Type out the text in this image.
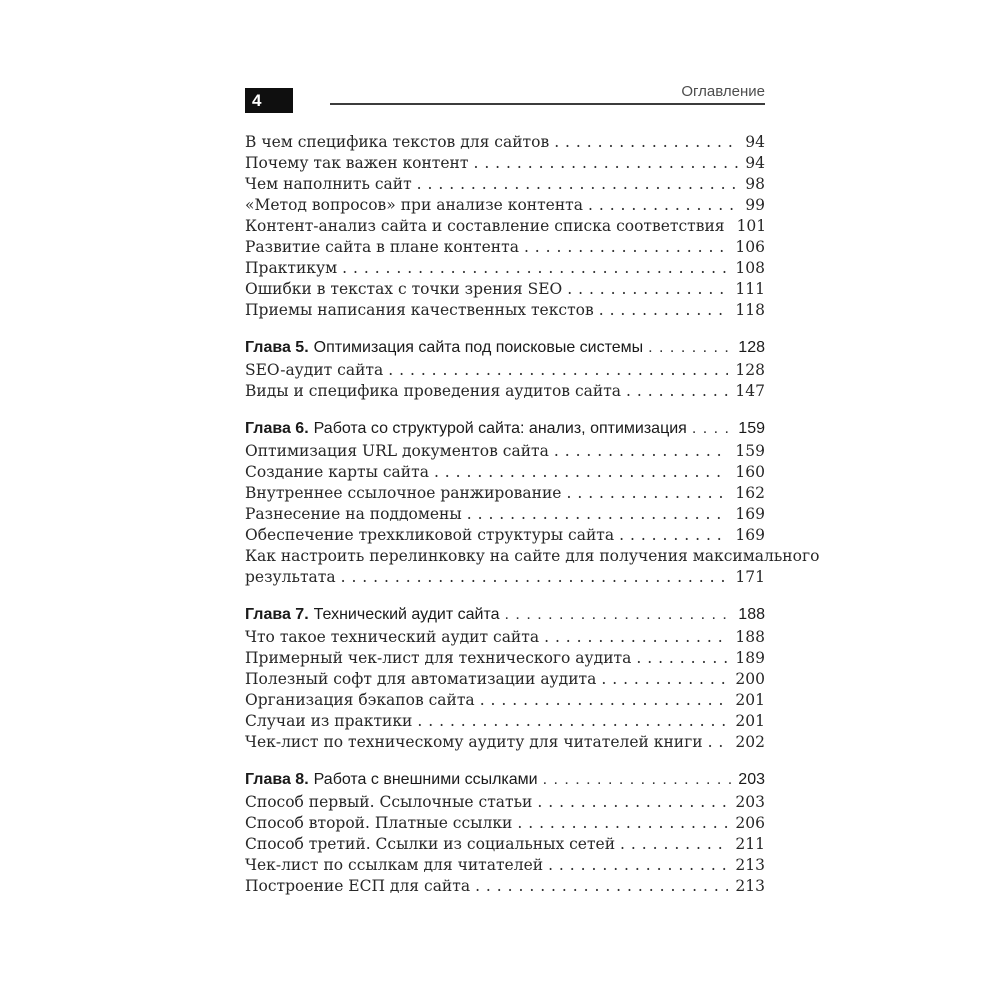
4	Оглавление
В чем специфика текстов для сайтов . . .	94
Почему так важен контент . . .	94
Чем наполнить сайт . . .	98
«Метод вопросов» при анализе контента . . .	99
Контент-анализ сайта и составление списка соответствия 101
Развитие сайта в плане контента . . .	106
Практикум . . .	108
Ошибки в текстах с точки зрения SEO . . .	111
Приемы написания качественных текстов . . .	118
Глава 5. Оптимизация сайта под поисковые системы . . .	128
SEO-аудит сайта . . .	128
Виды и специфика проведения аудитов сайта . . .	147
Глава 6. Работа со структурой сайта: анализ, оптимизация . . .	159
Оптимизация URL документов сайта . . .	159
Создание карты сайта . . .	160
Внутреннее ссылочное ранжирование . . .	162
Разнесение на поддомены . . .	169
Обеспечение трехкликовой структуры сайта . . .	169
Как настроить перелинковку на сайте для получения максимального
результата . . .	171
Глава 7. Технический аудит сайта . . .	188
Что такое технический аудит сайта . . .	188
Примерный чек-лист для технического аудита . . .	189
Полезный софт для автоматизации аудита . . .	200
Организация бэкапов сайта . . .	201
Случаи из практики . . .	201
Чек-лист по техническому аудиту для читателей книги . . . 202
Глава 8. Работа с внешними ссылками . . .	203
Способ первый. Ссылочные статьи . . .	203
Способ второй. Платные ссылки . . .	206
Способ третий. Ссылки из социальных сетей . . .	211
Чек-лист по ссылкам для читателей . . .	213
Построение ЕСП для сайта . . .	213
